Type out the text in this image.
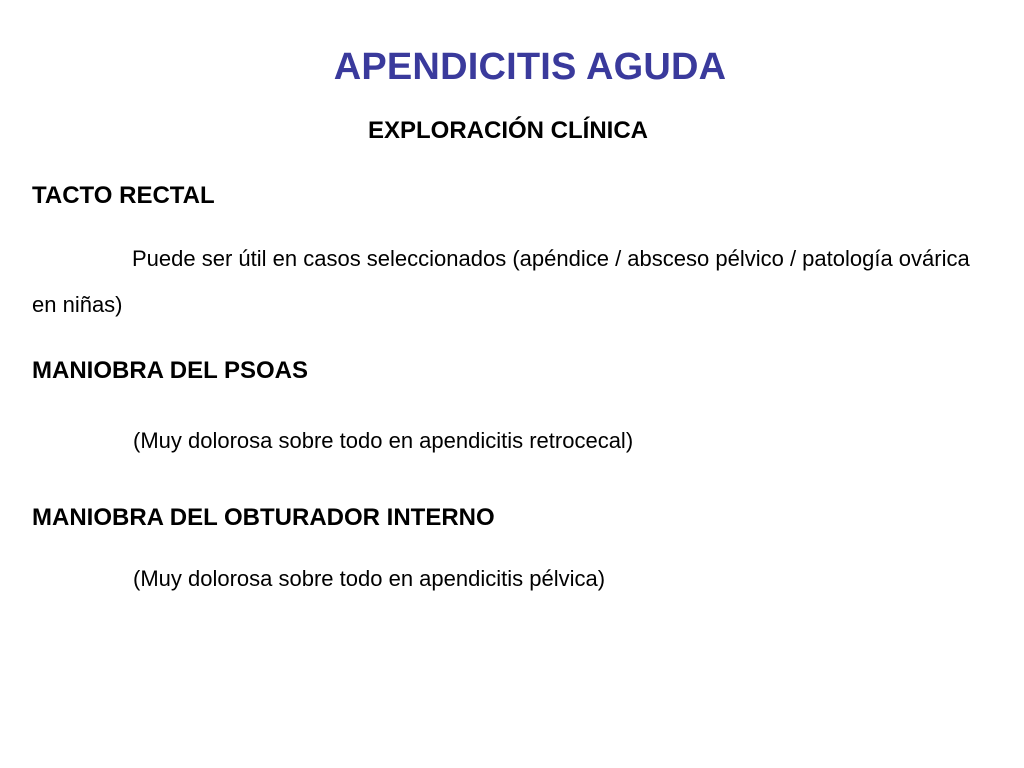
APENDICITIS AGUDA
EXPLORACIÓN CLÍNICA
TACTO RECTAL
Puede ser útil en casos seleccionados (apéndice / absceso pélvico / patología ovárica en niñas)
MANIOBRA DEL PSOAS
(Muy dolorosa sobre todo en apendicitis retrocecal)
MANIOBRA DEL OBTURADOR INTERNO
(Muy dolorosa sobre todo en apendicitis pélvica)
